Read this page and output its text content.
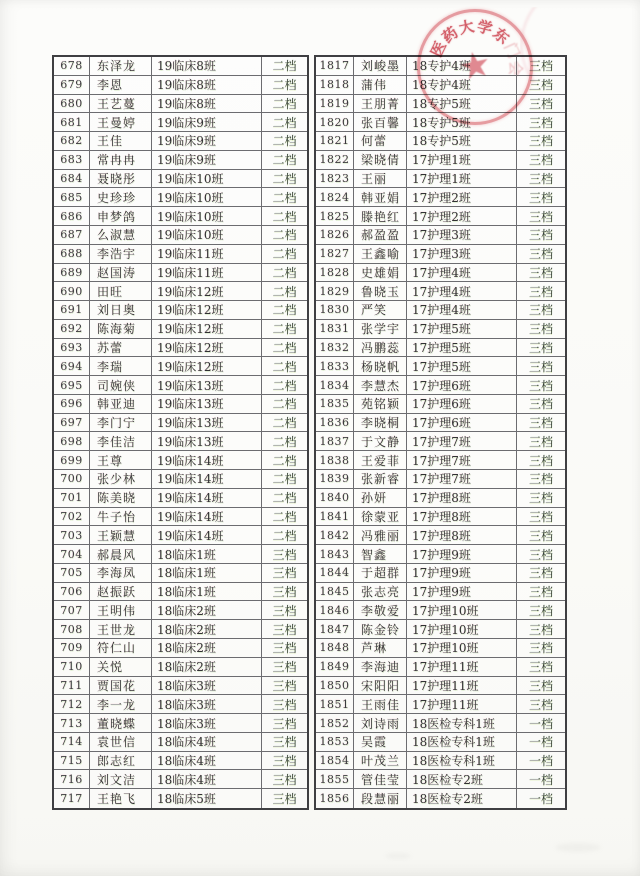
678	东泽龙	19临床8班	二档
679	李恩	19临床8班	二档
680	王艺蔓	19临床8班	二档
681	王曼婷	19临床9班	二档
682	王佳	19临床9班	二档
683	常冉冉	19临床9班	二档
684	聂晓彤	19临床10班	二档
685	史珍珍	19临床10班	二档
686	申梦鸽	19临床10班	二档
687	么淑慧	19临床10班	二档
688	李浩宇	19临床11班	二档
689	赵国涛	19临床11班	二档
690	田旺	19临床12班	二档
691	刘日奥	19临床12班	二档
692	陈海菊	19临床12班	二档
693	苏蕾	19临床12班	二档
694	李瑞	19临床12班	二档
695	司婉侠	19临床13班	二档
696	韩亚迪	19临床13班	二档
697	李门宁	19临床13班	二档
698	李佳洁	19临床13班	二档
699	王尊	19临床14班	二档
700	张少林	19临床14班	二档
701	陈美晓	19临床14班	二档
702	牛子怡	19临床14班	二档
703	王颖慧	19临床14班	二档
704	郝晨风	18临床1班	三档
705	李海凤	18临床1班	三档
706	赵振跃	18临床1班	三档
707	王明伟	18临床2班	三档
708	王世龙	18临床2班	三档
709	符仁山	18临床2班	三档
710	关悦	18临床2班	三档
711	贾国花	18临床3班	三档
712	李一龙	18临床3班	三档
713	董晓蝶	18临床3班	三档
714	袁世信	18临床4班	三档
715	郎志红	18临床4班	三档
716	刘文洁	18临床4班	三档
717	王艳飞	18临床5班	三档
1817 刘峻墨 18专护4班	三档
1818 蒲伟	18专护4班	三档
1819 王朋菁 18专护5班	三档
1820 张百馨 18专护5班	三档
1821 何蕾	18专护5班	三档
1822 梁晓倩 17护理1班	三档
1823 王丽	17护理1班	三档
1824 韩亚娟 17护理2班	三档
1825 滕艳红 17护理2班	三档
1826 郝盈盈 17护理3班	三档
1827 王鑫喻 17护理3班	三档
1828 史雄娟 17护理4班	三档
1829 鲁晓玉 17护理4班	三档
1830 严笑	17护理4班	三档
1831 张学宇 17护理5班	三档
1832 冯鹏蕊 17护理5班	三档
1833 杨晓帆 17护理5班	三档
1834 李慧杰 17护理6班	三档
1835 苑铭颖 17护理6班	三档
1836 李晓桐 17护理6班	三档
1837 于文静 17护理7班	三档
1838 王爱菲 17护理7班	三档
1839 张新睿 17护理7班	三档
1840 孙妍	17护理8班	三档
1841 徐蒙亚 17护理8班	三档
1842 冯雅丽 17护理8班	三档
1843 智鑫	17护理9班	三档
1844 于超群 17护理9班	三档
1845 张志亮 17护理9班	三档
1846 李敬爱 17护理10班	三档
1847 陈金铃 17护理10班	三档
1848 芦琳	17护理10班	三档
1849 李海迪 17护理11班	三档
1850 宋阳阳 17护理11班	三档
1851 王雨佳 17护理11班	三档
1852 刘诗雨 18医检专科1班	一档
1853 吴霞	18医检专科1班	一档
1854 叶茂兰 18医检专科1班	一档
1855 管佳莹 18医检专2班	一档
1856 段慧丽 18医检专2班	一档
医
药
大 学
东
门
会
★
